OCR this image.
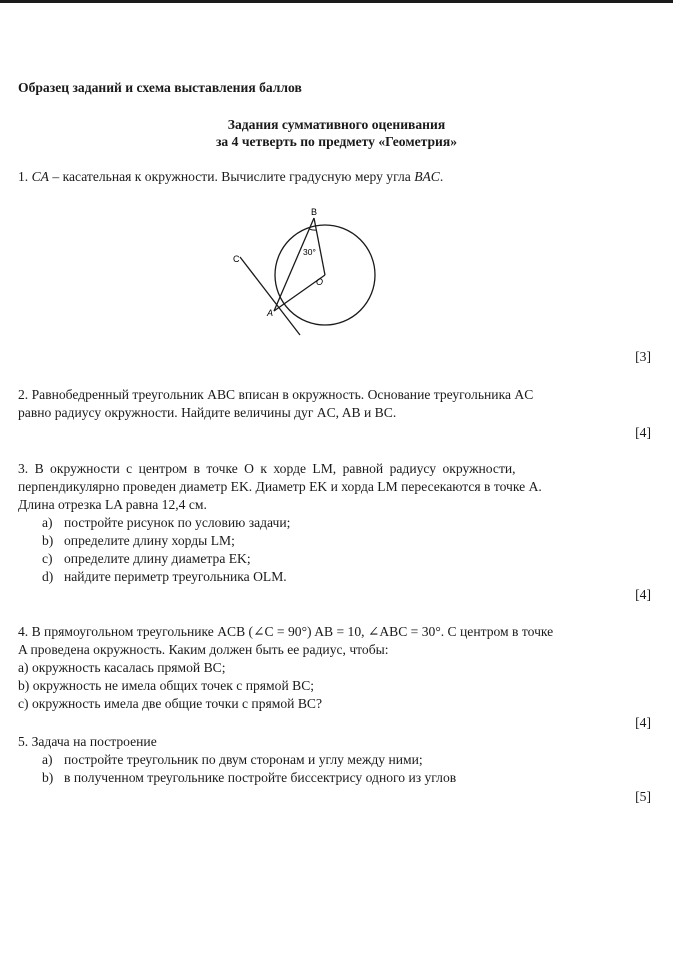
Образец заданий и схема выставления баллов
Задания суммативного оценивания
за 4 четверть по предмету «Геометрия»
1. CA – касательная к окружности. Вычислите градусную меру угла BAC.
B
C
O
A
30°
[3]
2. Равнобедренный треугольник ABC вписан в окружность. Основание треугольника AC
равно радиусу окружности. Найдите величины дуг AC, AB и BC.
[4]
3. В окружности с центром в точке O к хорде LM, равной радиусу окружности,
перпендикулярно проведен диаметр EK. Диаметр EK и хорда LM пересекаются в точке A.
Длина отрезка LA равна 12,4 см.
a) постройте рисунок по условию задачи;
b) определите длину хорды LM;
c) определите длину диаметра EK;
d) найдите периметр треугольника OLM.
[4]
4. В прямоугольном треугольнике ACB (∠C = 90°) AB = 10, ∠ABC = 30°. С центром в точке
A проведена окружность. Каким должен быть ее радиус, чтобы:
a) окружность касалась прямой BC;
b) окружность не имела общих точек с прямой BC;
c) окружность имела две общие точки с прямой BC?
[4]
5. Задача на построение
a) постройте треугольник по двум сторонам и углу между ними;
b) в полученном треугольнике постройте биссектрису одного из углов
[5]
